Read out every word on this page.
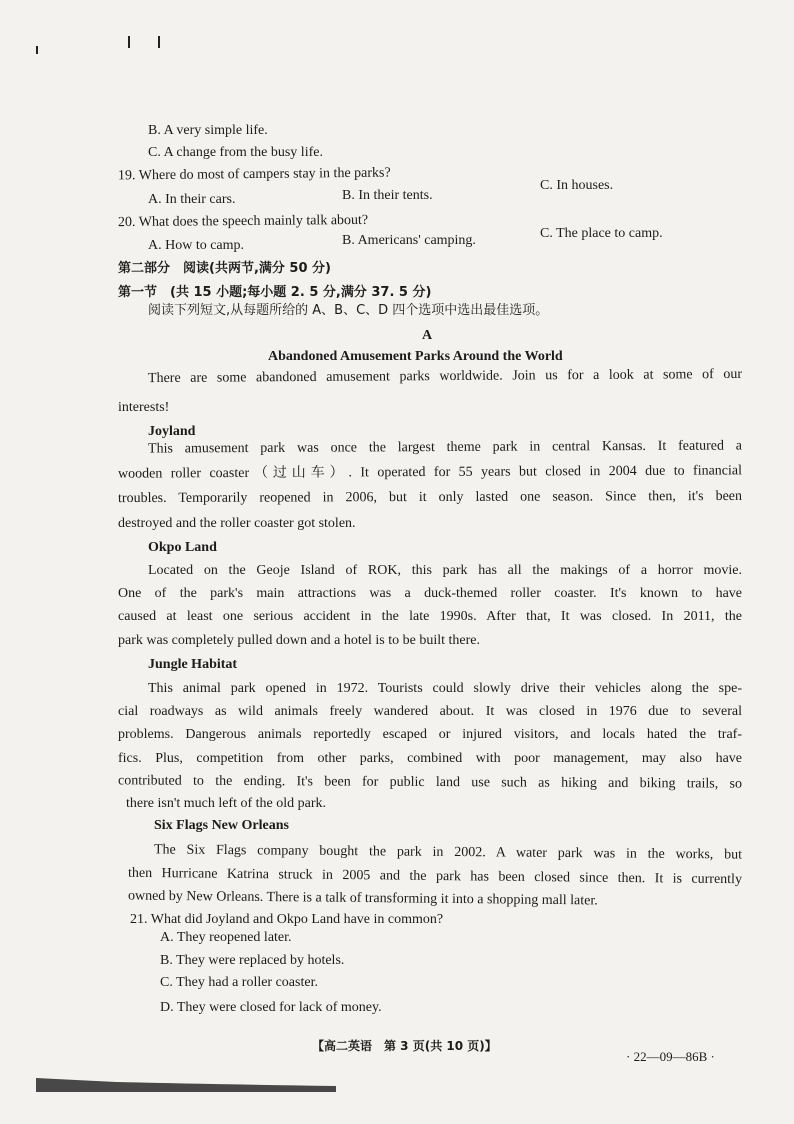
B. A very simple life.
C. A change from the busy life.
19. Where do most of campers stay in the parks?
A. In their cars.	B. In their tents.
C. In houses.
20. What does the speech mainly talk about?
A. How to camp.	B. Americans' camping.	C. The place to camp.
第二部分　阅读(共两节,满分 50 分)
第一节　(共 15 小题;每小题 2. 5 分,满分 37. 5 分)
阅读下列短文,从每题所给的 A、B、C、D 四个选项中选出最佳选项。
A
Abandoned Amusement Parks Around the World
There are some abandoned amusement parks worldwide. Join us for a look at some of our
interests!
Joyland
This amusement park was once the largest theme park in central Kansas. It featured a
wooden roller coaster（过山车）. It operated for 55 years but closed in 2004 due to financial
troubles. Temporarily reopened in 2006, but it only lasted one season. Since then, it's been
destroyed and the roller coaster got stolen.
Okpo Land
Located on the Geoje Island of ROK, this park has all the makings of a horror movie.
One of the park's main attractions was a duck-themed roller coaster. It's known to have
caused at least one serious accident in the late 1990s. After that, It was closed. In 2011, the
park was completely pulled down and a hotel is to be built there.
Jungle Habitat
This animal park opened in 1972. Tourists could slowly drive their vehicles along the spe-
cial roadways as wild animals freely wandered about. It was closed in 1976 due to several
problems. Dangerous animals reportedly escaped or injured visitors, and locals hated the traf-
fics. Plus, competition from other parks, combined with poor management, may also have
contributed to the ending. It's been for public land use such as hiking and biking trails, so
there isn't much left of the old park.
Six Flags New Orleans
The Six Flags company bought the park in 2002. A water park was in the works, but
then Hurricane Katrina struck in 2005 and the park has been closed since then. It is currently
owned by New Orleans. There is a talk of transforming it into a shopping mall later.
21. What did Joyland and Okpo Land have in common?
A. They reopened later.
B. They were replaced by hotels.
C. They had a roller coaster.
D. They were closed for lack of money.
【高二英语　第 3 页(共 10 页)】
· 22—09—86B ·
